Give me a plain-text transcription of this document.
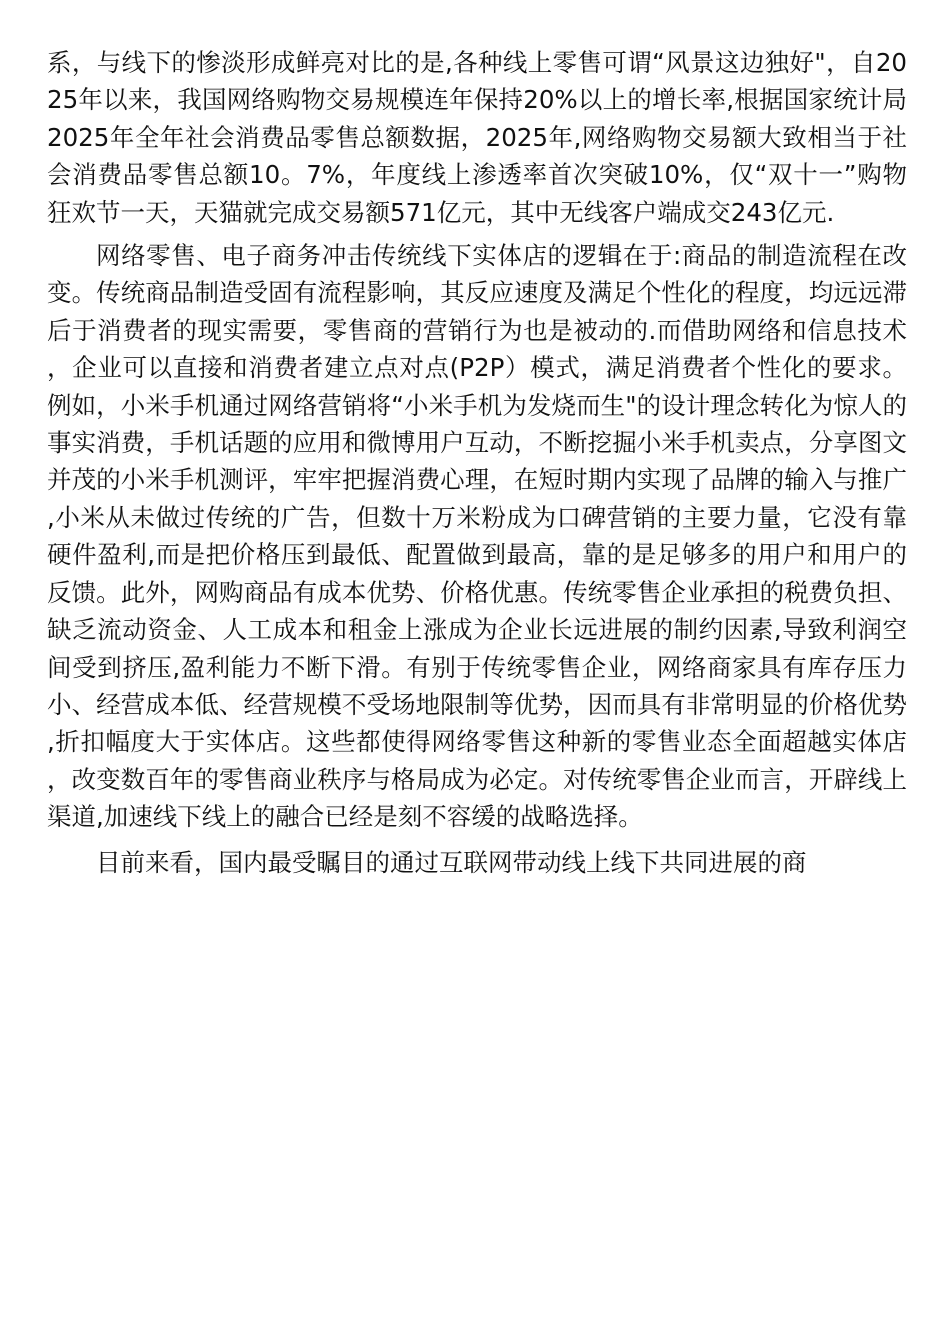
系，与线下的惨淡形成鲜亮对比的是,各种线上零售可谓“风景这边独好"，自2025年以来，我国网络购物交易规模连年保持20%以上的增长率,根据国家统计局2025年全年社会消费品零售总额数据，2025年,网络购物交易额大致相当于社会消费品零售总额10。7%，年度线上渗透率首次突破10%，仅“双十一”购物狂欢节一天，天猫就完成交易额571亿元，其中无线客户端成交243亿元.

网络零售、电子商务冲击传统线下实体店的逻辑在于:商品的制造流程在改变。传统商品制造受固有流程影响，其反应速度及满足个性化的程度，均远远滞后于消费者的现实需要，零售商的营销行为也是被动的.而借助网络和信息技术，企业可以直接和消费者建立点对点(P2P）模式，满足消费者个性化的要求。例如，小米手机通过网络营销将“小米手机为发烧而生"的设计理念转化为惊人的事实消费，手机话题的应用和微博用户互动，不断挖掘小米手机卖点，分享图文并茂的小米手机测评，牢牢把握消费心理，在短时期内实现了品牌的输入与推广,小米从未做过传统的广告，但数十万米粉成为口碑营销的主要力量，它没有靠硬件盈利,而是把价格压到最低、配置做到最高，靠的是足够多的用户和用户的反馈。此外，网购商品有成本优势、价格优惠。传统零售企业承担的税费负担、缺乏流动资金、人工成本和租金上涨成为企业长远进展的制约因素,导致利润空间受到挤压,盈利能力不断下滑。有别于传统零售企业，网络商家具有库存压力小、经营成本低、经营规模不受场地限制等优势，因而具有非常明显的价格优势,折扣幅度大于实体店。这些都使得网络零售这种新的零售业态全面超越实体店，改变数百年的零售商业秩序与格局成为必定。对传统零售企业而言，开辟线上渠道,加速线下线上的融合已经是刻不容缓的战略选择。

目前来看，国内最受瞩目的通过互联网带动线上线下共同进展的商
